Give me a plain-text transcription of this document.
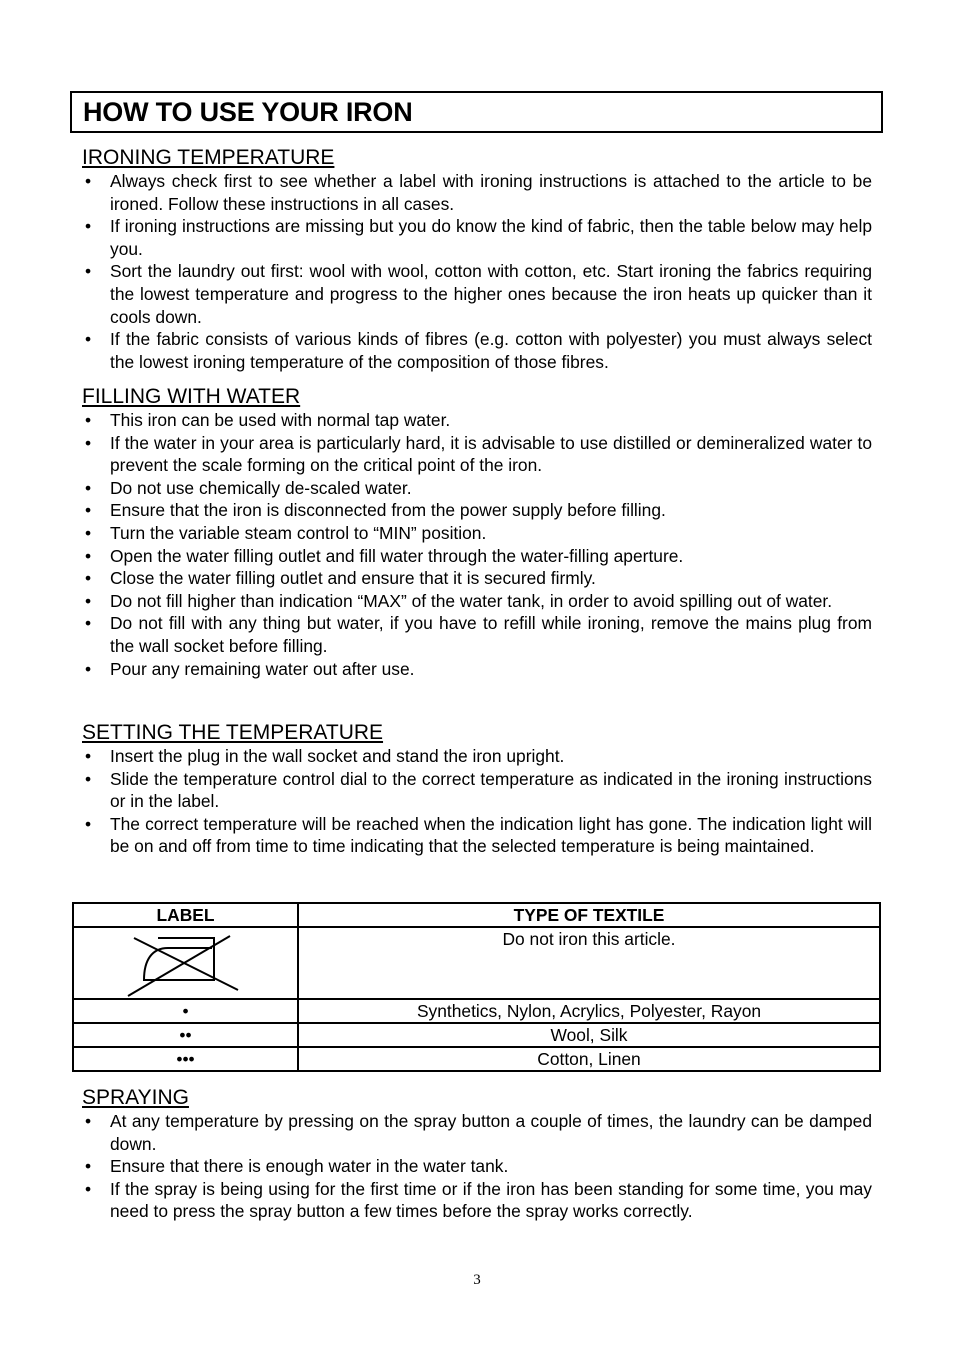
HOW TO USE YOUR IRON
IRONING TEMPERATURE
• Always check first to see whether a label with ironing instructions is attached to the article to be ironed. Follow these instructions in all cases.
• If ironing instructions are missing but you do know the kind of fabric, then the table below may help you.
• Sort the laundry out first: wool with wool, cotton with cotton, etc. Start ironing the fabrics requiring the lowest temperature and progress to the higher ones because the iron heats up quicker than it cools down.
• If the fabric consists of various kinds of fibres (e.g. cotton with polyester) you must always select the lowest ironing temperature of the composition of those fibres.
FILLING WITH WATER
• This iron can be used with normal tap water.
• If the water in your area is particularly hard, it is advisable to use distilled or demineralized water to prevent the scale forming on the critical point of the iron.
• Do not use chemically de-scaled water.
• Ensure that the iron is disconnected from the power supply before filling.
• Turn the variable steam control to “MIN” position.
• Open the water filling outlet and fill water through the water-filling aperture.
• Close the water filling outlet and ensure that it is secured firmly.
• Do not fill higher than indication “MAX” of the water tank, in order to avoid spilling out of water.
• Do not fill with any thing but water, if you have to refill while ironing, remove the mains plug from the wall socket before filling.
• Pour any remaining water out after use.
SETTING THE TEMPERATURE
• Insert the plug in the wall socket and stand the iron upright.
• Slide the temperature control dial to the correct temperature as indicated in the ironing instructions or in the label.
• The correct temperature will be reached when the indication light has gone. The indication light will be on and off from time to time indicating that the selected temperature is being maintained.
LABEL	TYPE OF TEXTILE

	Do not iron this article.
•	Synthetics, Nylon, Acrylics, Polyester, Rayon
••	Wool, Silk
•••	Cotton, Linen
SPRAYING
• At any temperature by pressing on the spray button a couple of times, the laundry can be damped down.
• Ensure that there is enough water in the water tank.
• If the spray is being using for the first time or if the iron has been standing for some time, you may need to press the spray button a few times before the spray works correctly.
3
